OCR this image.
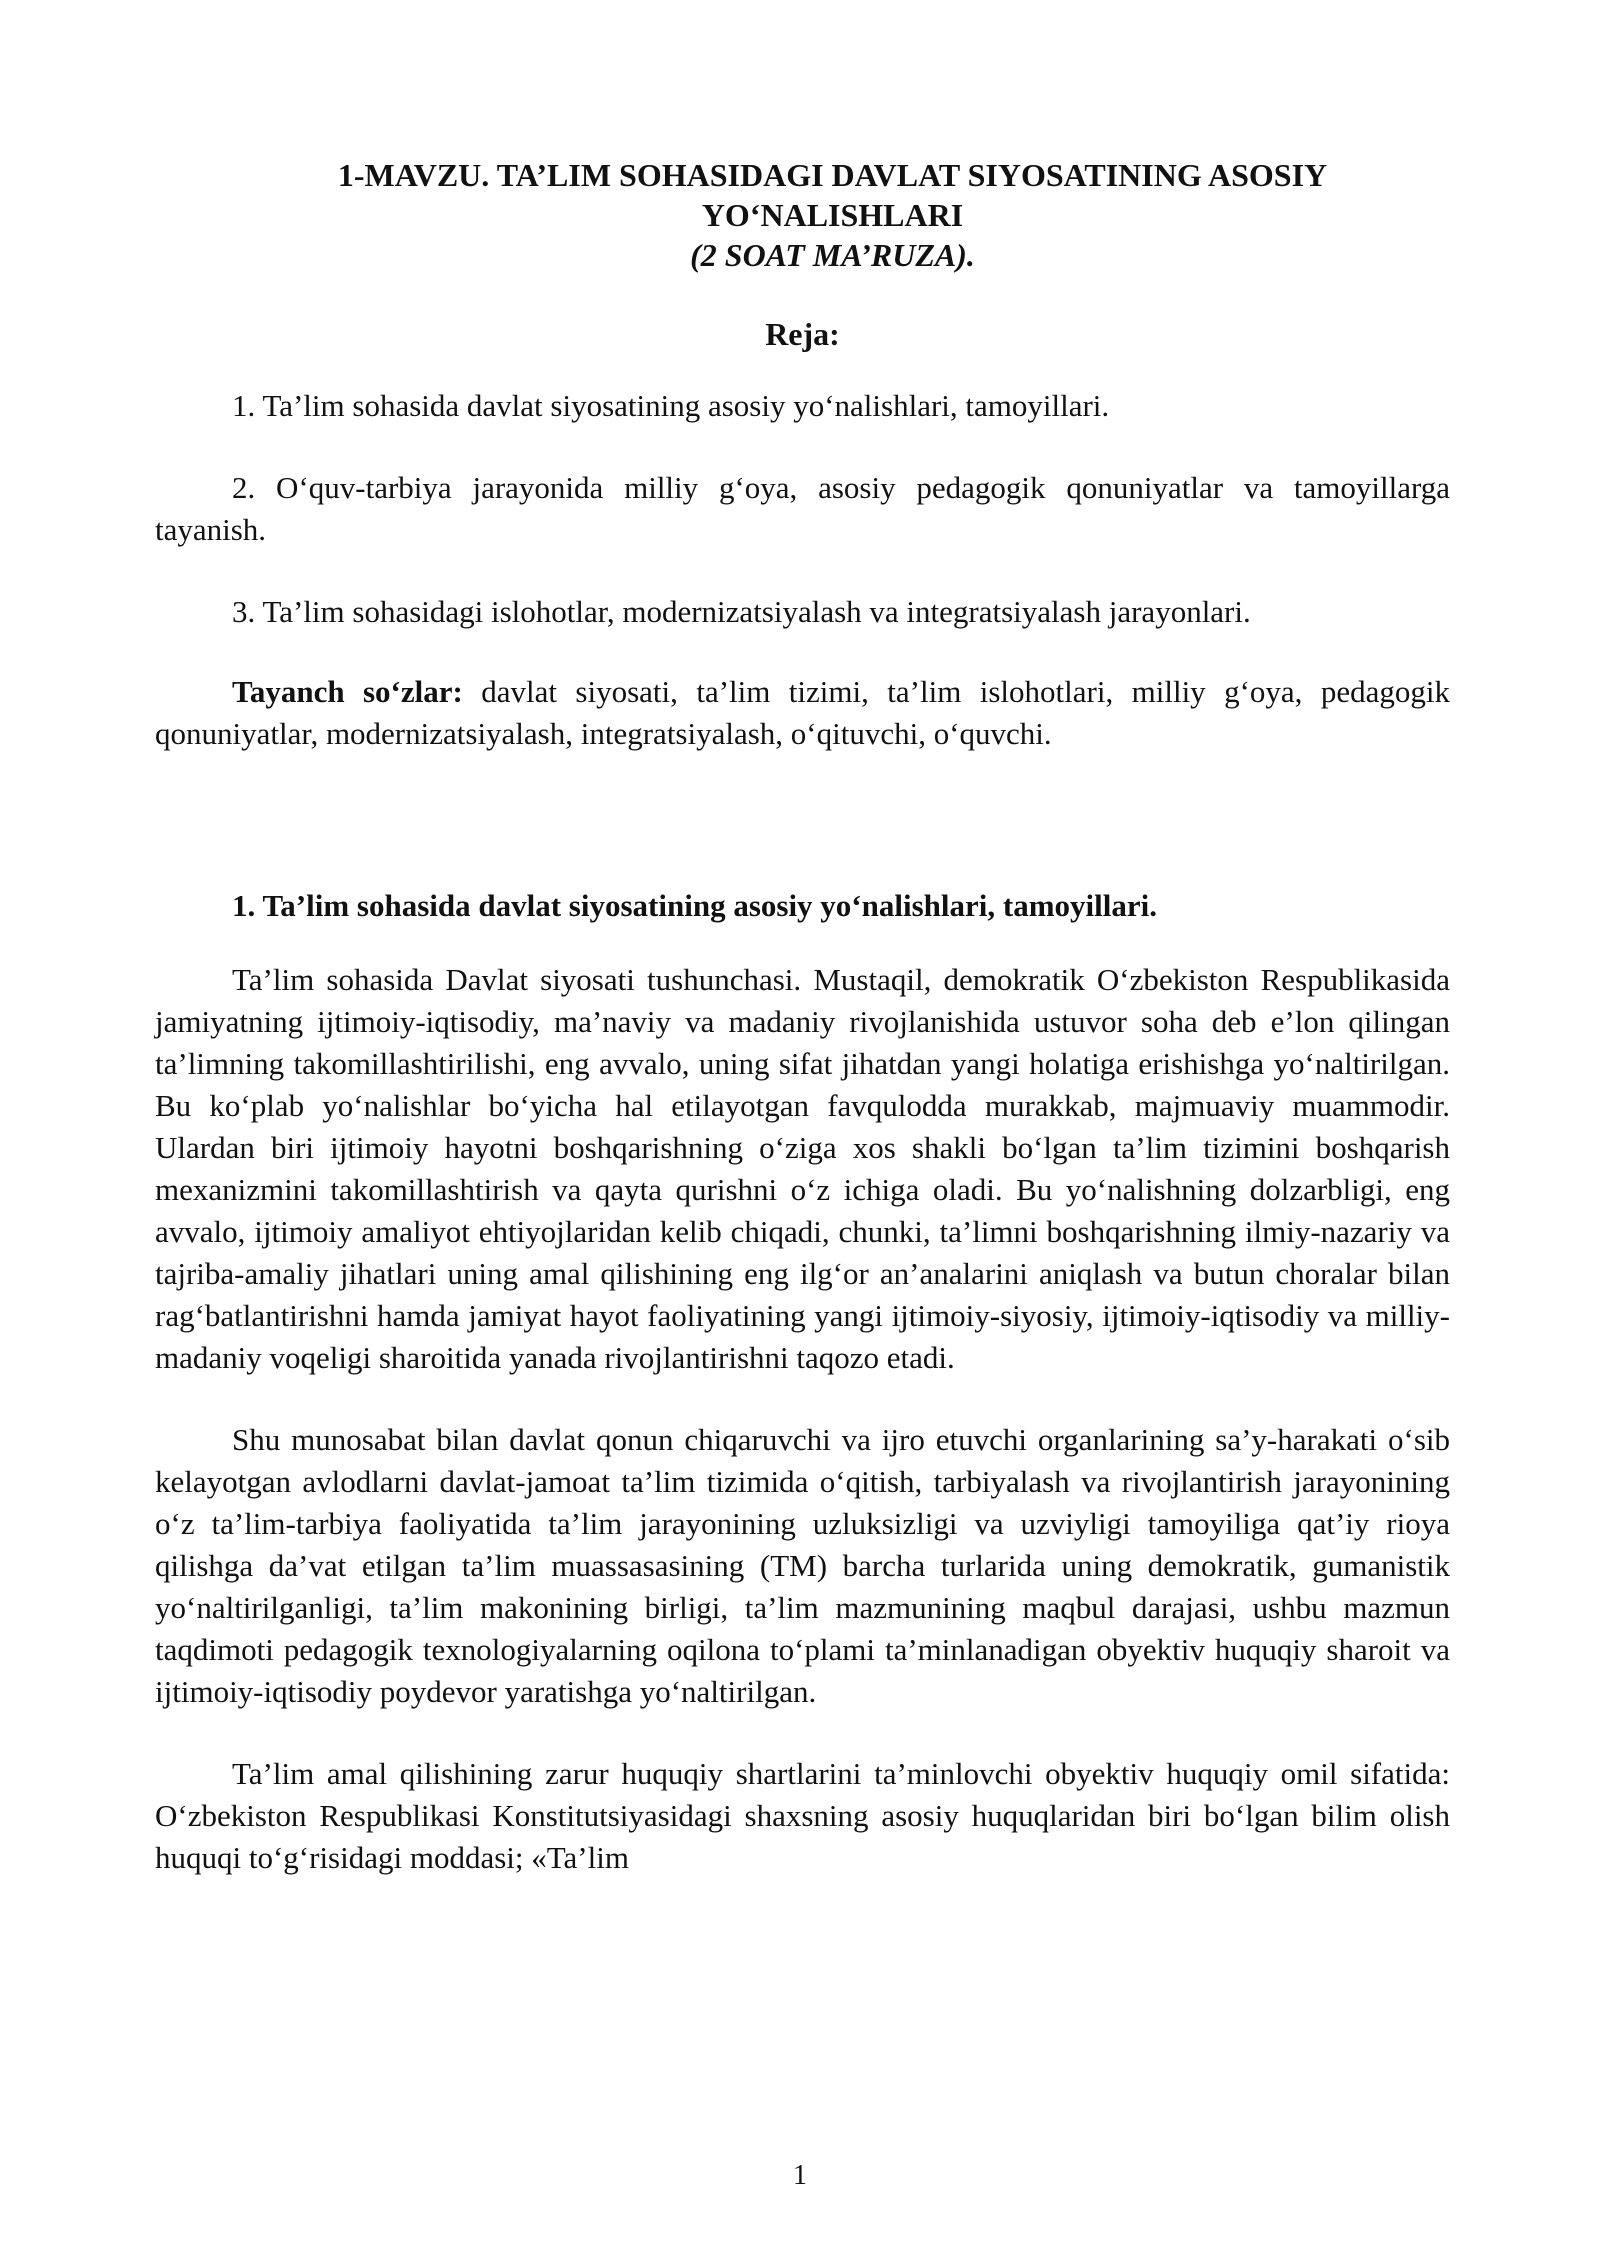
1-MAVZU. TA’LIM SOHASIDAGI DAVLAT SIYOSATINING ASOSIY
YO‘NALISHLARI
(2 SOAT MA’RUZA).
Reja:

1. Ta’lim sohasida davlat siyosatining asosiy yo‘nalishlari, tamoyillari.

2. O‘quv-tarbiya jarayonida milliy g‘oya, asosiy pedagogik qonuniyatlar va tamoyillarga tayanish.

3. Ta’lim sohasidagi islohotlar, modernizatsiyalash va integratsiyalash jarayonlari.

Tayanch so‘zlar: davlat siyosati, ta’lim tizimi, ta’lim islohotlari, milliy g‘oya, pedagogik qonuniyatlar, modernizatsiyalash, integratsiyalash, o‘qituvchi, o‘quvchi.

1. Ta’lim sohasida davlat siyosatining asosiy yo‘nalishlari, tamoyillari.

Ta’lim sohasida Davlat siyosati tushunchasi. Mustaqil, demokratik O‘zbekiston Respublikasida jamiyatning ijtimoiy-iqtisodiy, ma’naviy va madaniy rivojlanishida ustuvor soha deb e’lon qilingan ta’limning takomillashtirilishi, eng avvalo, uning sifat jihatdan yangi holatiga erishishga yo‘naltirilgan. Bu ko‘plab yo‘nalishlar bo‘yicha hal etilayotgan favqulodda murakkab, majmuaviy muammodir. Ulardan biri ijtimoiy hayotni boshqarishning o‘ziga xos shakli bo‘lgan ta’lim tizimini boshqarish mexanizmini takomillashtirish va qayta qurishni o‘z ichiga oladi. Bu yo‘nalishning dolzarbligi, eng avvalo, ijtimoiy amaliyot ehtiyojlaridan kelib chiqadi, chunki, ta’limni boshqarishning ilmiy-nazariy va tajriba-amaliy jihatlari uning amal qilishining eng ilg‘or an’analarini aniqlash va butun choralar bilan rag‘batlantirishni hamda jamiyat hayot faoliyatining yangi ijtimoiy-siyosiy, ijtimoiy-iqtisodiy va milliy-madaniy voqeligi sharoitida yanada rivojlantirishni taqozo etadi.

Shu munosabat bilan davlat qonun chiqaruvchi va ijro etuvchi organlarining sa’y-harakati o‘sib kelayotgan avlodlarni davlat-jamoat ta’lim tizimida o‘qitish, tarbiyalash va rivojlantirish jarayonining o‘z ta’lim-tarbiya faoliyatida ta’lim jarayonining uzluksizligi va uzviyligi tamoyiliga qat’iy rioya qilishga da’vat etilgan ta’lim muassasasining (TM) barcha turlarida uning demokratik, gumanistik yo‘naltirilganligi, ta’lim makonining birligi, ta’lim mazmunining maqbul darajasi, ushbu mazmun taqdimoti pedagogik texnologiyalarning oqilona to‘plami ta’minlanadigan obyektiv huquqiy sharoit va ijtimoiy-iqtisodiy poydevor yaratishga yo‘naltirilgan.

Ta’lim amal qilishining zarur huquqiy shartlarini ta’minlovchi obyektiv huquqiy omil sifatida: O‘zbekiston Respublikasi Konstitutsiyasidagi shaxsning asosiy huquqlaridan biri bo‘lgan bilim olish huquqi to‘g‘risidagi moddasi; «Ta’lim

1
